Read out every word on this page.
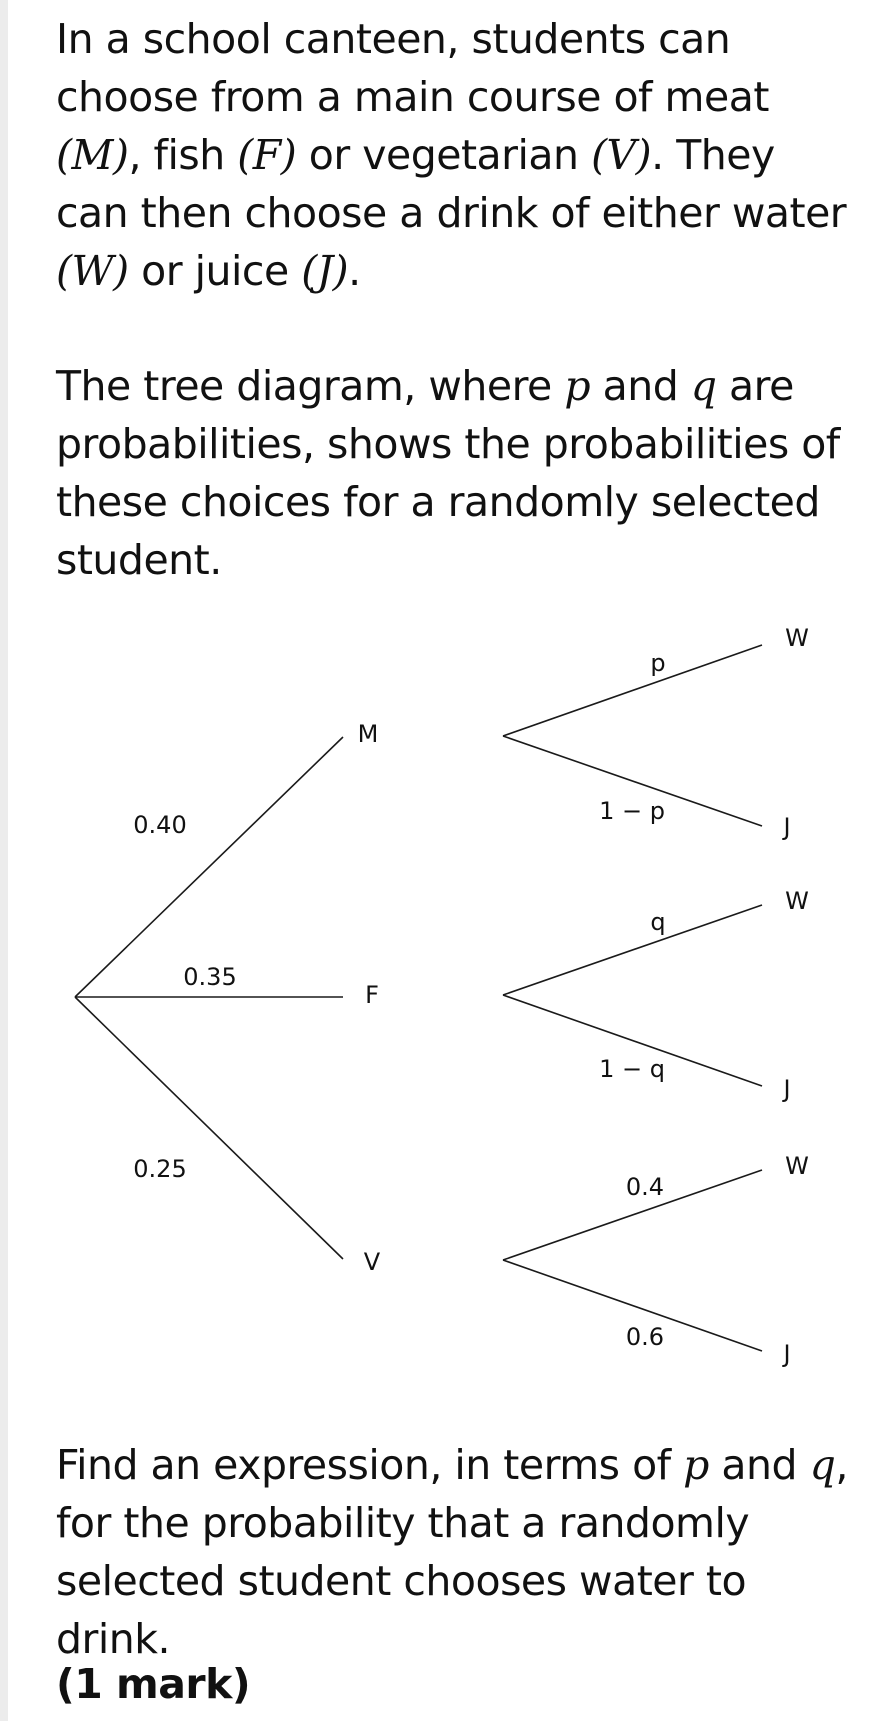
In a school canteen, students can choose from a main course of meat (M), fish (F) or vegetarian (V). They can then choose a drink of either water (W) or juice (J).

The tree diagram, where p and q are probabilities, shows the probabilities of these choices for a randomly selected student.

0.40
0.35
0.25
M
F
V
p
1 − p
q
1 − q
0.4
0.6
W
J
W
J
W
J

Find an expression, in terms of p and q, for the probability that a randomly selected student chooses water to drink.

(1 mark)
